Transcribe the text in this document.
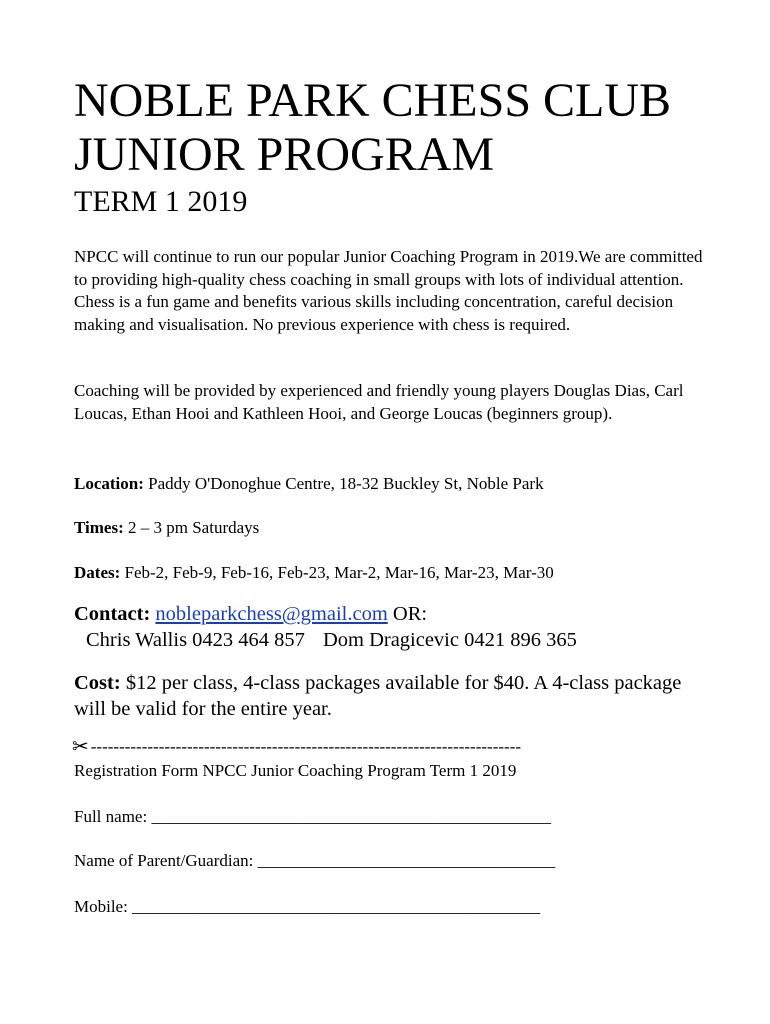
NOBLE PARK CHESS CLUB JUNIOR PROGRAM
TERM 1 2019
NPCC will continue to run our popular Junior Coaching Program in 2019.We are committed to providing high-quality chess coaching in small groups with lots of individual attention. Chess is a fun game and benefits various skills including concentration, careful decision making and visualisation. No previous experience with chess is required.
Coaching will be provided by experienced and friendly young players Douglas Dias, Carl Loucas, Ethan Hooi and Kathleen Hooi, and George Loucas (beginners group).
Location: Paddy O'Donoghue Centre, 18-32 Buckley St, Noble Park
Times: 2 – 3 pm Saturdays
Dates: Feb-2, Feb-9, Feb-16, Feb-23, Mar-2, Mar-16, Mar-23, Mar-30
Contact: nobleparkchess@gmail.com OR:
Chris Wallis 0423 464 857 Dom Dragicevic 0421 896 365
Cost: $12 per class, 4-class packages available for $40. A 4-class package will be valid for the entire year.
✂ ----------------------------------------------------------------------------
Registration Form NPCC Junior Coaching Program Term 1 2019
Full name: _______________________________________________
Name of Parent/Guardian: ___________________________________
Mobile: ________________________________________________
